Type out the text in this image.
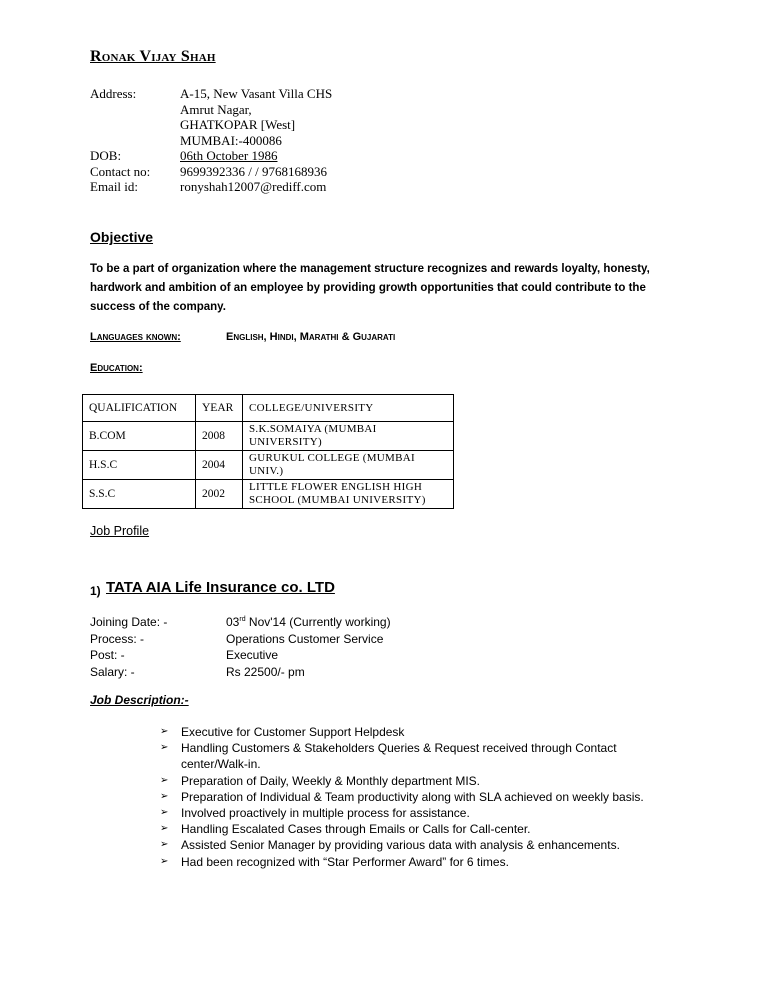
Ronak Vijay Shah
Address:	A-15, New Vasant Villa CHS
Amrut Nagar,
GHATKOPAR [West]
MUMBAI:-400086
DOB:	06th October 1986
Contact no: 9699392336 / / 9768168936
Email id:	ronyshah12007@rediff.com
Objective
To be a part of organization where the management structure recognizes and rewards loyalty, honesty, hardwork and ambition of an employee by providing growth opportunities that could contribute to the success of the company.
Languages known:	English, Hindi, Marathi & Gujarati
Education:
QUALIFICATION	YEAR	COLLEGE/UNIVERSITY
B.COM	2008	S.K.SOMAIYA (MUMBAI UNIVERSITY)
H.S.C	2004	GURUKUL COLLEGE (MUMBAI UNIV.)
S.S.C	2002	LITTLE FLOWER ENGLISH HIGH SCHOOL (MUMBAI UNIVERSITY)
Job Profile
1) TATA AIA Life Insurance co. LTD
Joining Date: -	03rd Nov'14 (Currently working)
Process: -	Operations Customer Service
Post: -	Executive
Salary: -	Rs 22500/- pm
Job Description:-
➢ Executive for Customer Support Helpdesk
➢ Handling Customers & Stakeholders Queries & Request received through Contact center/Walk-in.
➢ Preparation of Daily, Weekly & Monthly department MIS.
➢ Preparation of Individual & Team productivity along with SLA achieved on weekly basis.
➢ Involved proactively in multiple process for assistance.
➢ Handling Escalated Cases through Emails or Calls for Call-center.
➢ Assisted Senior Manager by providing various data with analysis & enhancements.
➢ Had been recognized with “Star Performer Award” for 6 times.
